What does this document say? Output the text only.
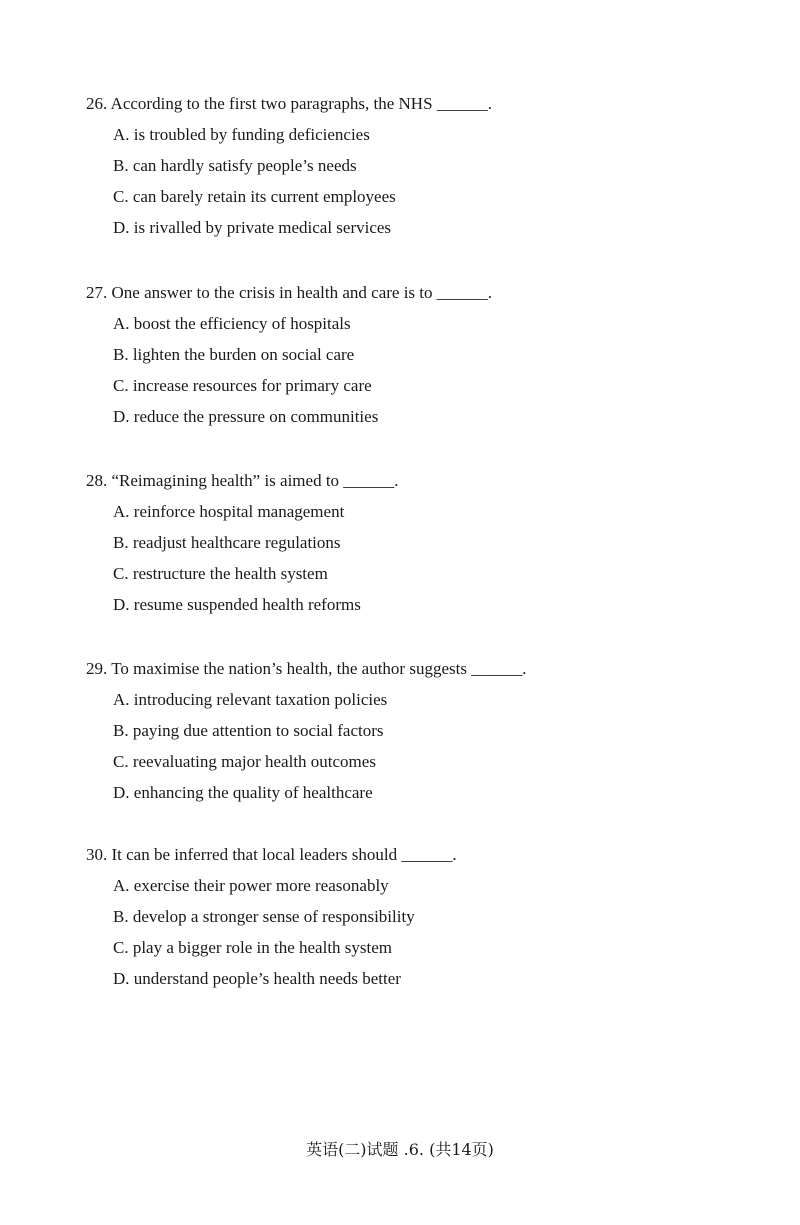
26. According to the first two paragraphs, the NHS ______.
A. is troubled by funding deficiencies
B. can hardly satisfy people’s needs
C. can barely retain its current employees
D. is rivalled by private medical services
27. One answer to the crisis in health and care is to ______.
A. boost the efficiency of hospitals
B. lighten the burden on social care
C. increase resources for primary care
D. reduce the pressure on communities
28. “Reimagining health” is aimed to ______.
A. reinforce hospital management
B. readjust healthcare regulations
C. restructure the health system
D. resume suspended health reforms
29. To maximise the nation’s health, the author suggests ______.
A. introducing relevant taxation policies
B. paying due attention to social factors
C. reevaluating major health outcomes
D. enhancing the quality of healthcare
30. It can be inferred that local leaders should ______.
A. exercise their power more reasonably
B. develop a stronger sense of responsibility
C. play a bigger role in the health system
D. understand people’s health needs better
英语(二)试题 .6. (共14页)
